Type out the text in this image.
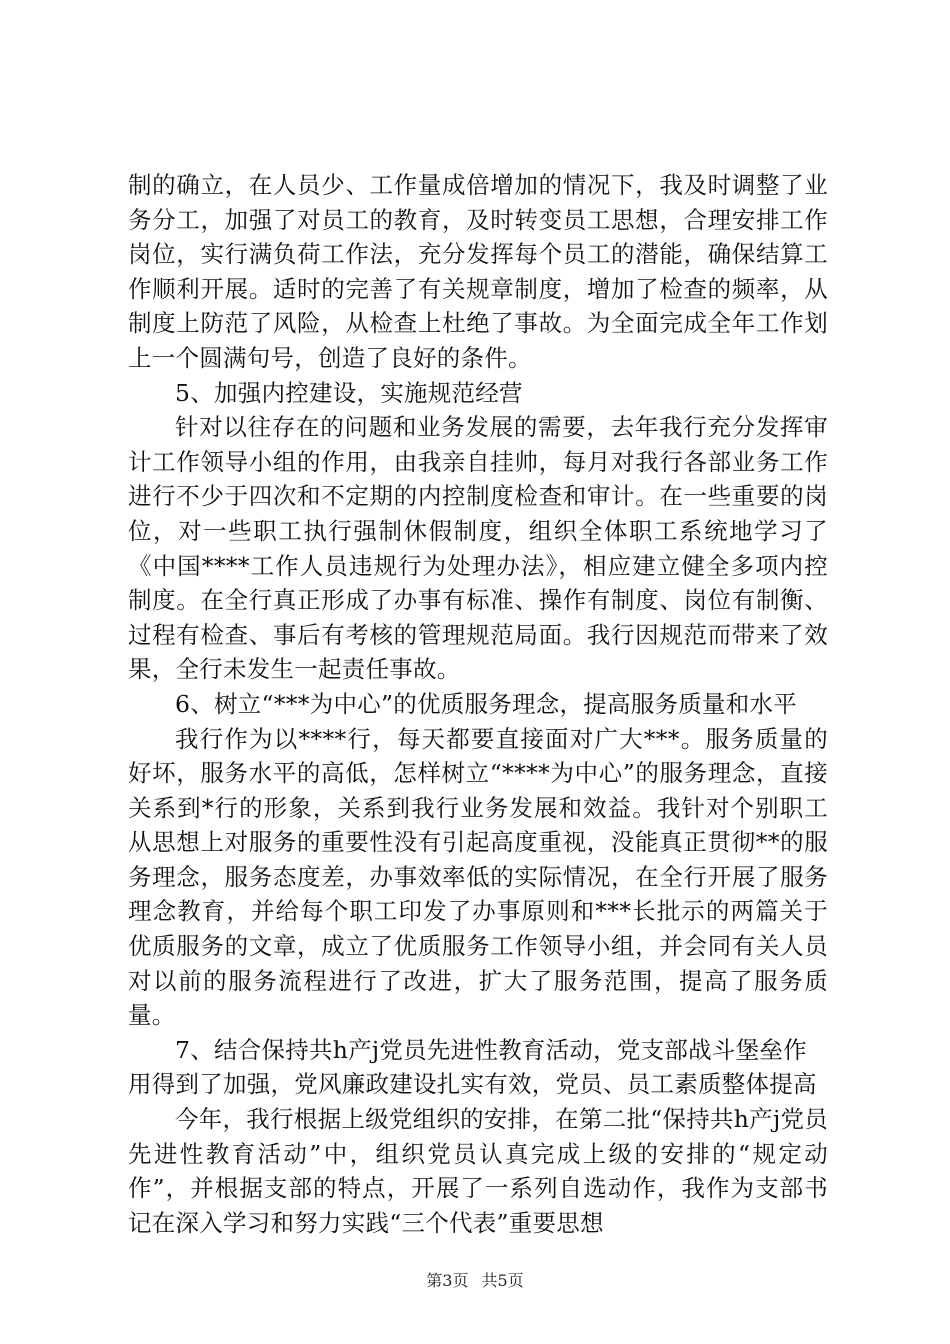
制的确立，在人员少、工作量成倍增加的情况下，我及时调整了业务分工，加强了对员工的教育，及时转变员工思想，合理安排工作岗位，实行满负荷工作法，充分发挥每个员工的潜能，确保结算工作顺利开展。适时的完善了有关规章制度，增加了检查的频率，从制度上防范了风险，从检查上杜绝了事故。为全面完成全年工作划上一个圆满句号，创造了良好的条件。

5、加强内控建设，实施规范经营

针对以往存在的问题和业务发展的需要，去年我行充分发挥审计工作领导小组的作用，由我亲自挂帅，每月对我行各部业务工作进行不少于四次和不定期的内控制度检查和审计。在一些重要的岗位，对一些职工执行强制休假制度，组织全体职工系统地学习了《中国****工作人员违规行为处理办法》，相应建立健全多项内控制度。在全行真正形成了办事有标准、操作有制度、岗位有制衡、过程有检查、事后有考核的管理规范局面。我行因规范而带来了效果，全行未发生一起责任事故。

6、树立“***为中心”的优质服务理念，提高服务质量和水平

我行作为以****行，每天都要直接面对广大***。服务质量的好坏，服务水平的高低，怎样树立“****为中心”的服务理念，直接关系到*行的形象，关系到我行业务发展和效益。我针对个别职工从思想上对服务的重要性没有引起高度重视，没能真正贯彻**的服务理念，服务态度差，办事效率低的实际情况，在全行开展了服务理念教育，并给每个职工印发了办事原则和***长批示的两篇关于优质服务的文章，成立了优质服务工作领导小组，并会同有关人员对以前的服务流程进行了改进，扩大了服务范围，提高了服务质量。

7、结合保持共h产j党员先进性教育活动，党支部战斗堡垒作用得到了加强，党风廉政建设扎实有效，党员、员工素质整体提高

今年，我行根据上级党组织的安排，在第二批“保持共h产j党员先进性教育活动”中，组织党员认真完成上级的安排的“规定动作”，并根据支部的特点，开展了一系列自选动作，我作为支部书记在深入学习和努力实践“三个代表”重要思想

第3页 共5页
